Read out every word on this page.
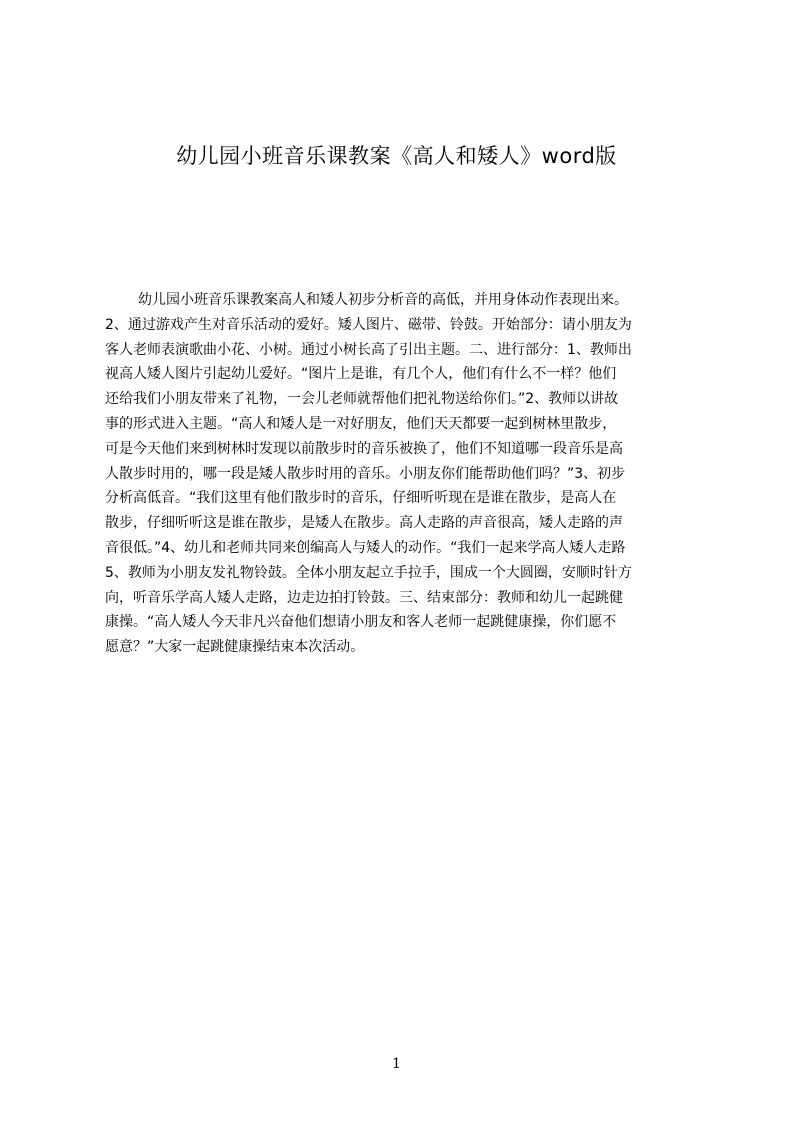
幼儿园小班音乐课教案《高人和矮人》word版
幼儿园小班音乐课教案高人和矮人初步分析音的高低，并用身体动作表现出来。
2、通过游戏产生对音乐活动的爱好。矮人图片、磁带、铃鼓。开始部分：请小朋友为
客人老师表演歌曲小花、小树。通过小树长高了引出主题。二、进行部分：1、教师出
视高人矮人图片引起幼儿爱好。“图片上是谁，有几个人，他们有什么不一样？他们
还给我们小朋友带来了礼物，一会儿老师就帮他们把礼物送给你们。”2、教师以讲故
事的形式进入主题。“高人和矮人是一对好朋友，他们天天都要一起到树林里散步，
可是今天他们来到树林时发现以前散步时的音乐被换了，他们不知道哪一段音乐是高
人散步时用的，哪一段是矮人散步时用的音乐。小朋友你们能帮助他们吗？”3、初步
分析高低音。“我们这里有他们散步时的音乐，仔细听听现在是谁在散步，是高人在
散步，仔细听听这是谁在散步，是矮人在散步。高人走路的声音很高，矮人走路的声
音很低。”4、幼儿和老师共同来创编高人与矮人的动作。“我们一起来学高人矮人走路
5、教师为小朋友发礼物铃鼓。全体小朋友起立手拉手，围成一个大圆圈，安顺时针方
向，听音乐学高人矮人走路，边走边拍打铃鼓。三、结束部分：教师和幼儿一起跳健
康操。“高人矮人今天非凡兴奋他们想请小朋友和客人老师一起跳健康操，你们愿不
愿意？”大家一起跳健康操结束本次活动。
1
